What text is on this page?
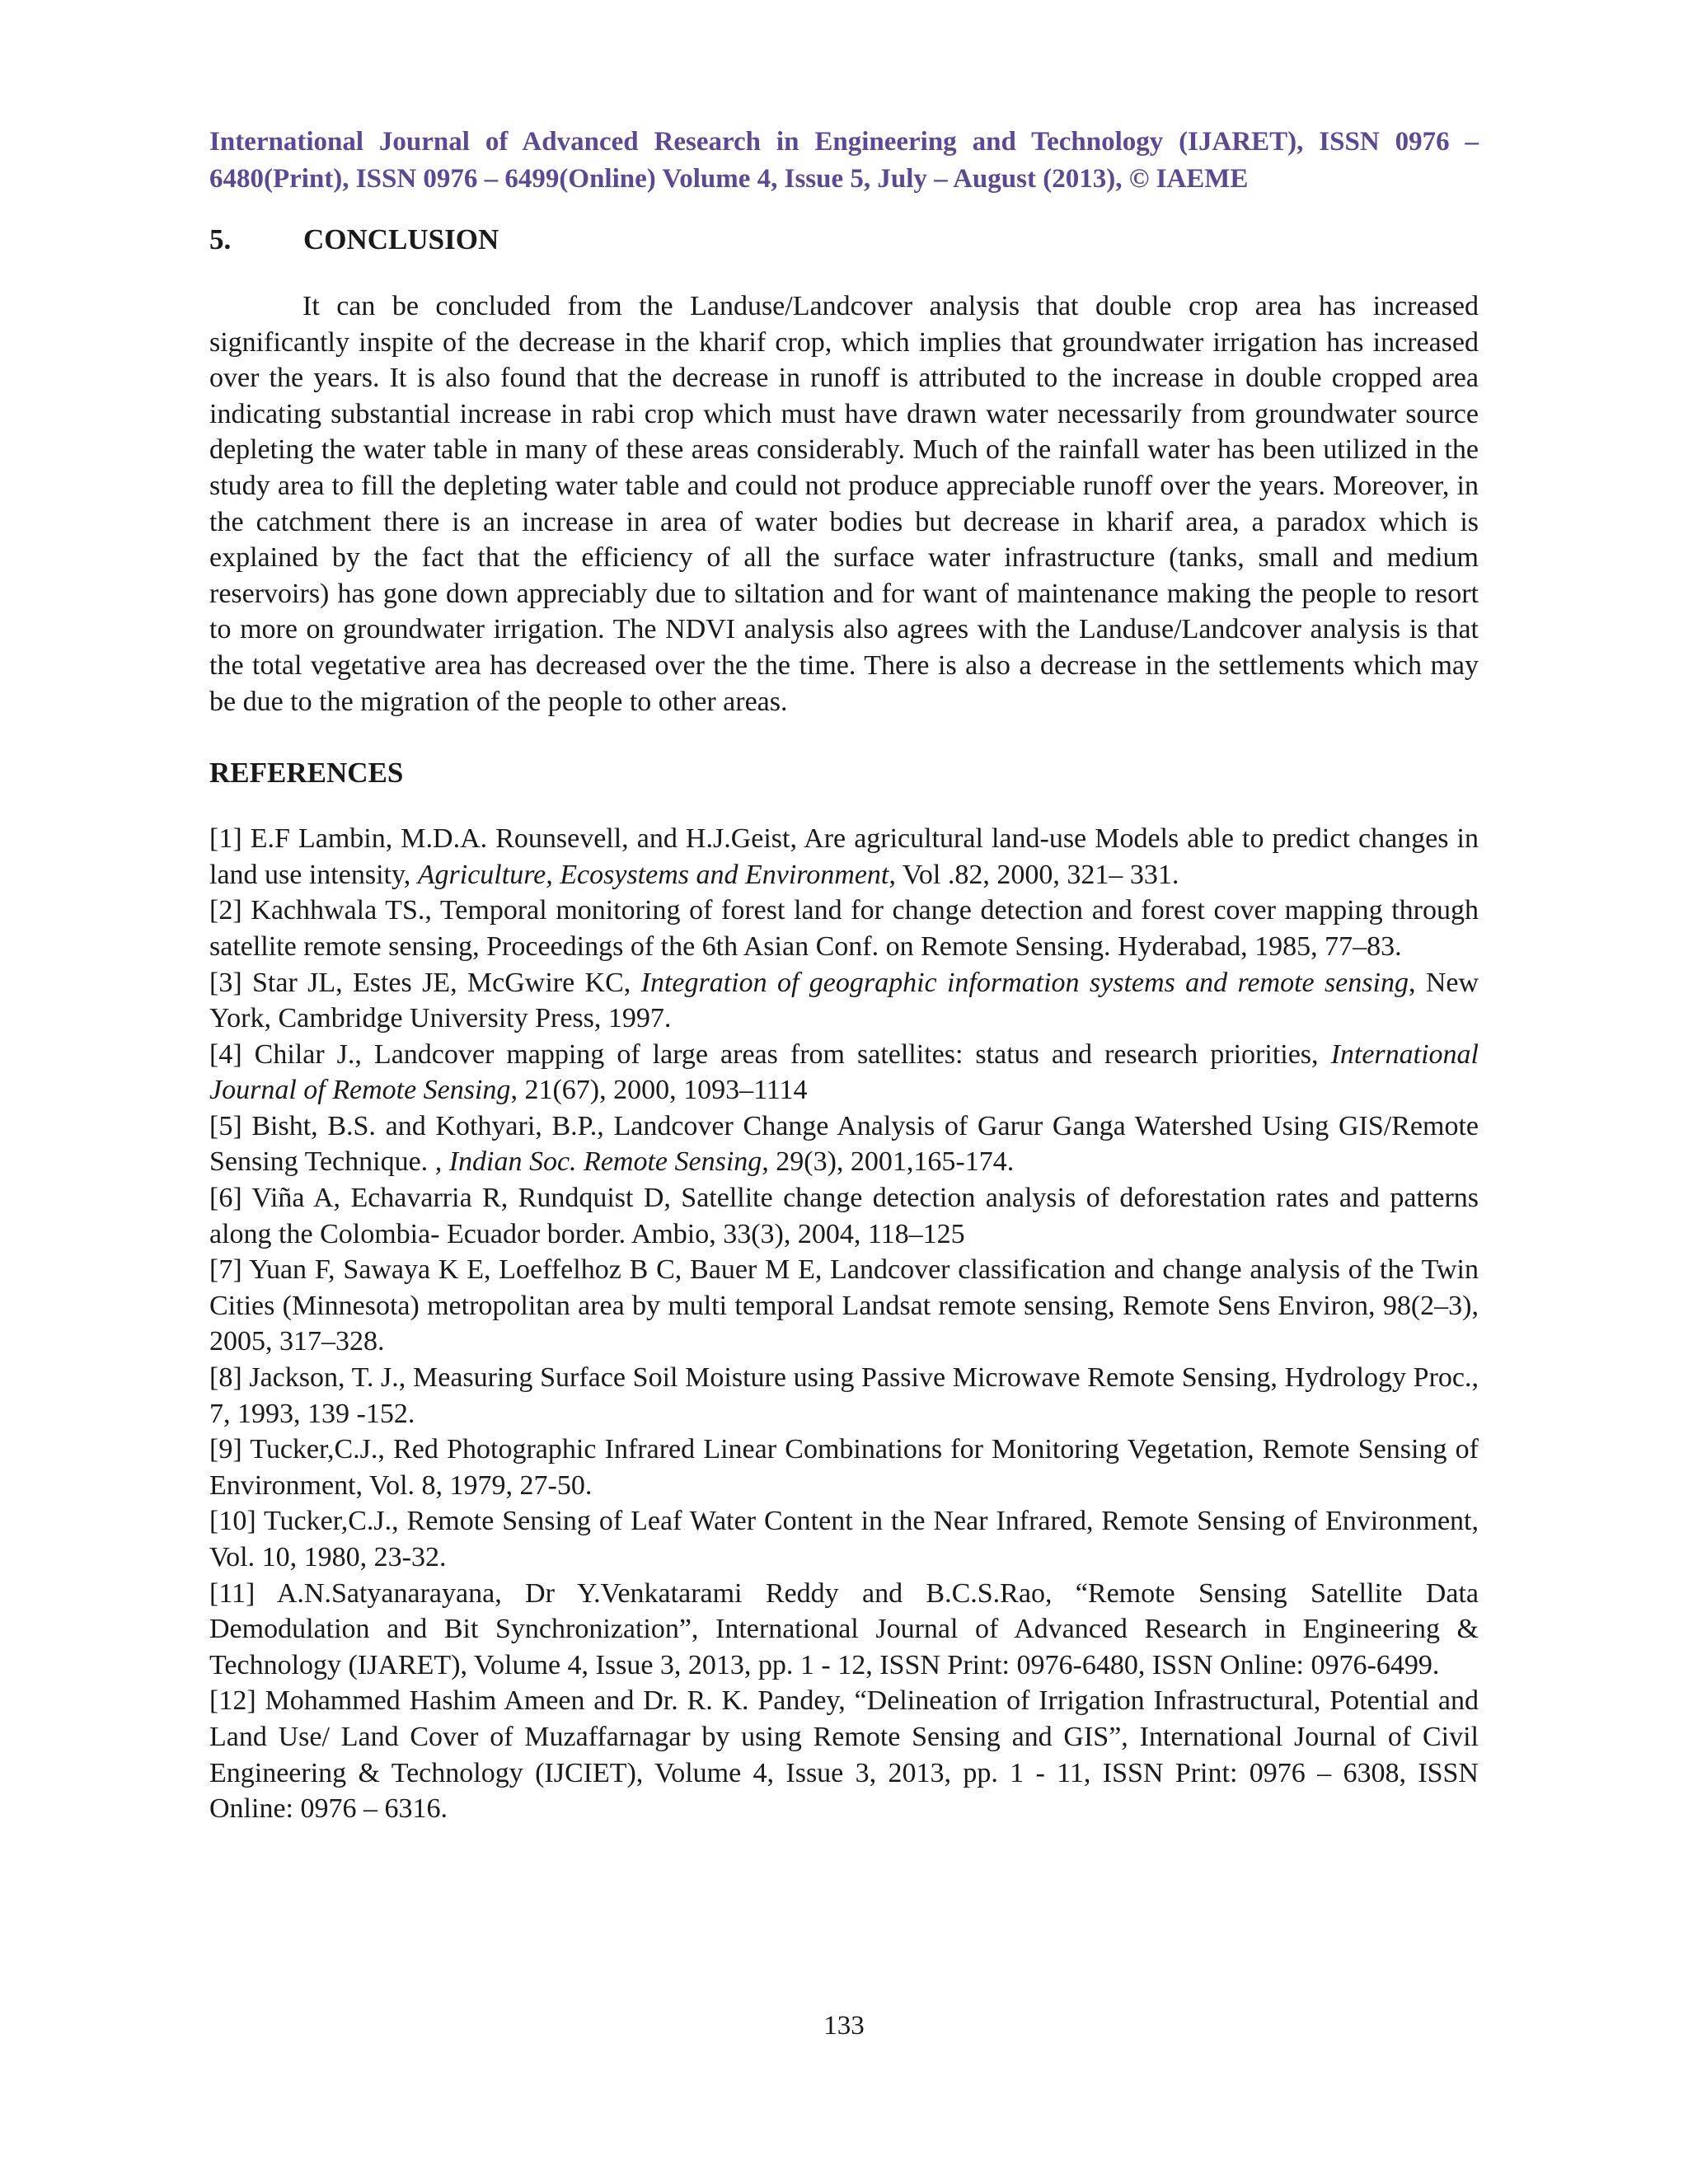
International Journal of Advanced Research in Engineering and Technology (IJARET), ISSN 0976 – 6480(Print), ISSN 0976 – 6499(Online) Volume 4, Issue 5, July – August (2013), © IAEME
5.	CONCLUSION

It can be concluded from the Landuse/Landcover analysis that double crop area has increased significantly inspite of the decrease in the kharif crop, which implies that groundwater irrigation has increased over the years. It is also found that the decrease in runoff is attributed to the increase in double cropped area indicating substantial increase in rabi crop which must have drawn water necessarily from groundwater source depleting the water table in many of these areas considerably. Much of the rainfall water has been utilized in the study area to fill the depleting water table and could not produce appreciable runoff over the years. Moreover, in the catchment there is an increase in area of water bodies but decrease in kharif area, a paradox which is explained by the fact that the efficiency of all the surface water infrastructure (tanks, small and medium reservoirs) has gone down appreciably due to siltation and for want of maintenance making the people to resort to more on groundwater irrigation. The NDVI analysis also agrees with the Landuse/Landcover analysis is that the total vegetative area has decreased over the the time. There is also a decrease in the settlements which may be due to the migration of the people to other areas.

REFERENCES
[1] E.F Lambin, M.D.A. Rounsevell, and H.J.Geist, Are agricultural land-use Models able to predict changes in land use intensity, Agriculture, Ecosystems and Environment, Vol .82, 2000, 321– 331.
[2] Kachhwala TS., Temporal monitoring of forest land for change detection and forest cover mapping through satellite remote sensing, Proceedings of the 6th Asian Conf. on Remote Sensing. Hyderabad, 1985, 77–83.
[3] Star JL, Estes JE, McGwire KC, Integration of geographic information systems and remote sensing, New York, Cambridge University Press, 1997.
[4] Chilar J., Landcover mapping of large areas from satellites: status and research priorities, International Journal of Remote Sensing, 21(67), 2000, 1093–1114
[5] Bisht, B.S. and Kothyari, B.P., Landcover Change Analysis of Garur Ganga Watershed Using GIS/Remote Sensing Technique. , Indian Soc. Remote Sensing, 29(3), 2001,165-174.
[6] Viña A, Echavarria R, Rundquist D, Satellite change detection analysis of deforestation rates and patterns along the Colombia- Ecuador border. Ambio, 33(3), 2004, 118–125
[7] Yuan F, Sawaya K E, Loeffelhoz B C, Bauer M E, Landcover classification and change analysis of the Twin Cities (Minnesota) metropolitan area by multi temporal Landsat remote sensing, Remote Sens Environ, 98(2–3), 2005, 317–328.
[8] Jackson, T. J., Measuring Surface Soil Moisture using Passive Microwave Remote Sensing, Hydrology Proc., 7, 1993, 139 -152.
[9] Tucker,C.J., Red Photographic Infrared Linear Combinations for Monitoring Vegetation, Remote Sensing of Environment, Vol. 8, 1979, 27-50.
[10] Tucker,C.J., Remote Sensing of Leaf Water Content in the Near Infrared, Remote Sensing of Environment, Vol. 10, 1980, 23-32.
[11] A.N.Satyanarayana, Dr Y.Venkatarami Reddy and B.C.S.Rao, “Remote Sensing Satellite Data Demodulation and Bit Synchronization”, International Journal of Advanced Research in Engineering & Technology (IJARET), Volume 4, Issue 3, 2013, pp. 1 - 12, ISSN Print: 0976-6480, ISSN Online: 0976-6499.
[12] Mohammed Hashim Ameen and Dr. R. K. Pandey, “Delineation of Irrigation Infrastructural, Potential and Land Use/ Land Cover of Muzaffarnagar by using Remote Sensing and GIS”, International Journal of Civil Engineering & Technology (IJCIET), Volume 4, Issue 3, 2013, pp. 1 - 11, ISSN Print: 0976 – 6308, ISSN Online: 0976 – 6316.
133
